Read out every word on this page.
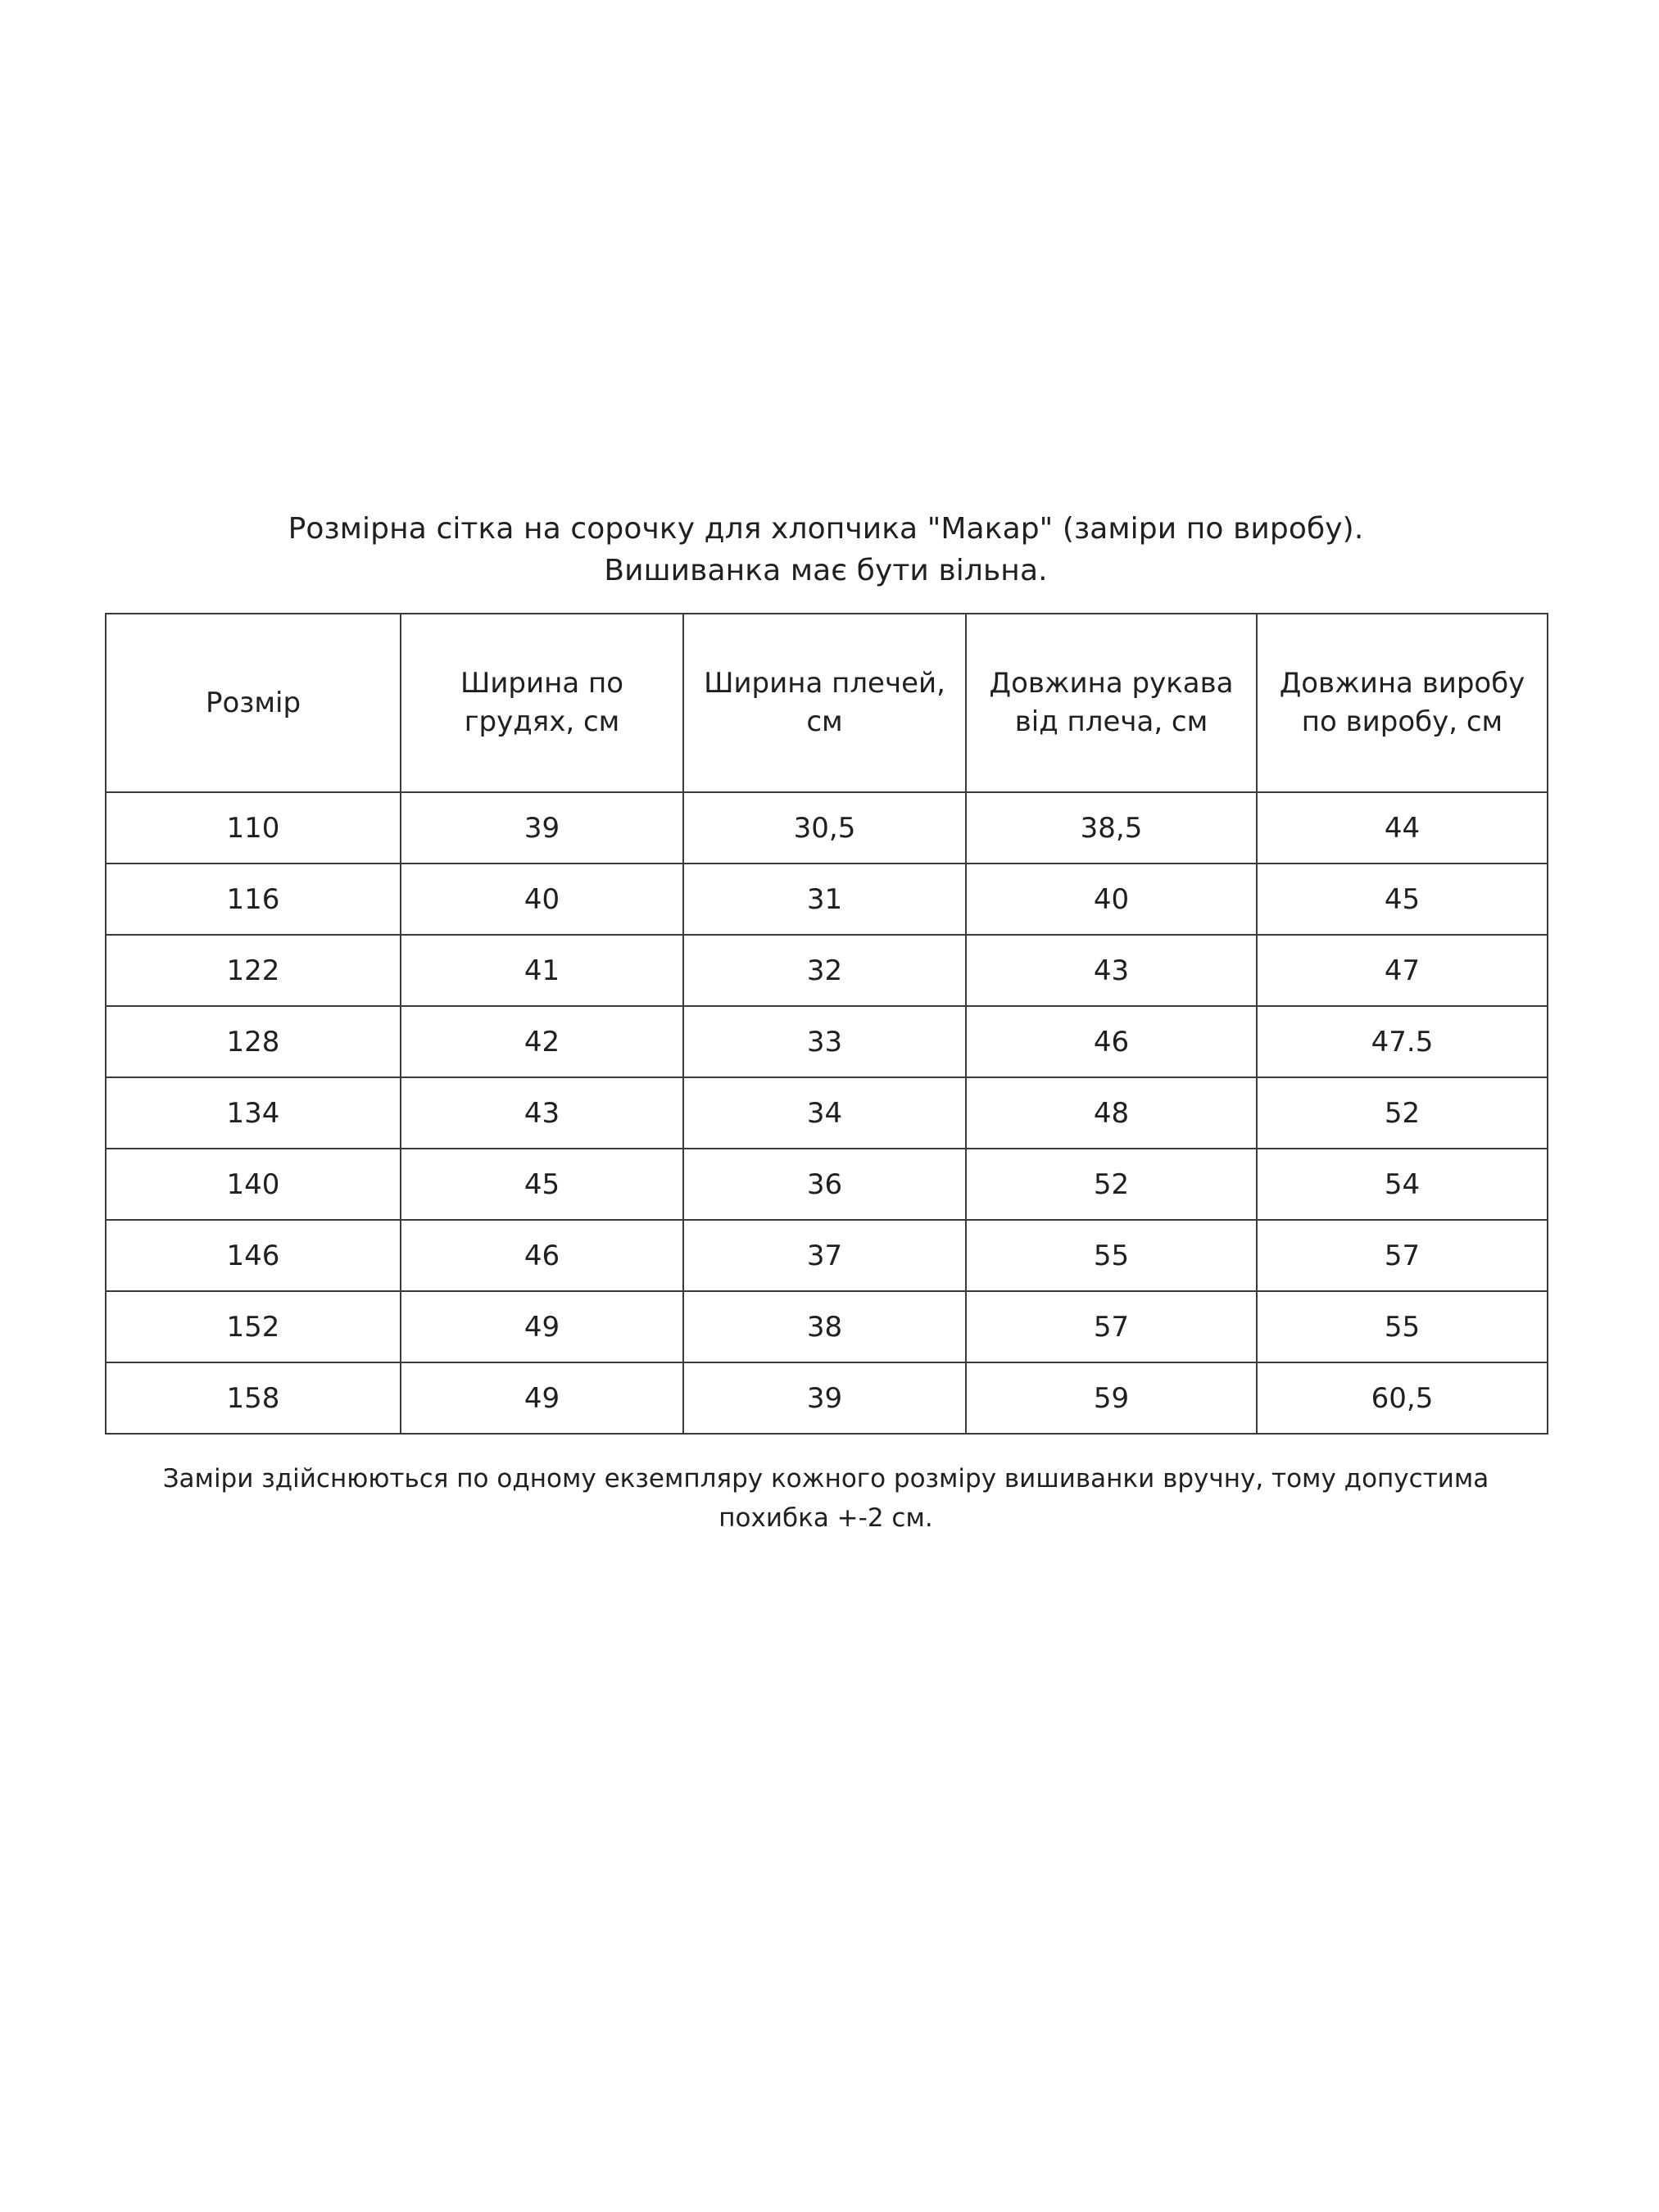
Розмірна сітка на сорочку для хлопчика "Макар" (заміри по виробу).
Вишиванка має бути вільна.
Розмір	Ширина по грудях, см	Ширина плечей, см	Довжина рукава від плеча, см	Довжина виробу по виробу, см
110	39	30,5	38,5	44
116	40	31	40	45
122	41	32	43	47
128	42	33	46	47.5
134	43	34	48	52
140	45	36	52	54
146	46	37	55	57
152	49	38	57	55
158	49	39	59	60,5
Заміри здійснюються по одному екземпляру кожного розміру вишиванки вручну, тому допустима
похибка +-2 см.
